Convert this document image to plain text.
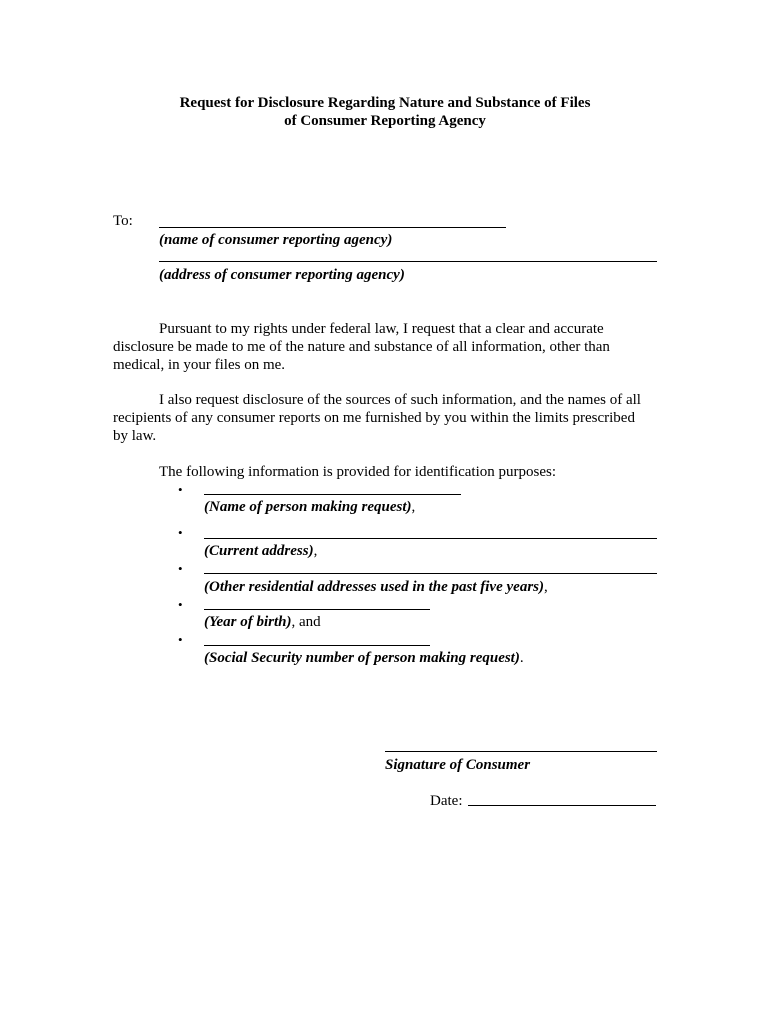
Request for Disclosure Regarding Nature and Substance of Files
of Consumer Reporting Agency
To:
(name of consumer reporting agency)
(address of consumer reporting agency)
Pursuant to my rights under federal law, I request that a clear and accurate
disclosure be made to me of the nature and substance of all information, other than
medical, in your files on me.
I also request disclosure of the sources of such information, and the names of all
recipients of any consumer reports on me furnished by you within the limits prescribed
by law.
The following information is provided for identification purposes:
•
(Name of person making request),
•
(Current address),
•
(Other residential addresses used in the past five years),
•
(Year of birth), and
•
(Social Security number of person making request).
Signature of Consumer
Date:
